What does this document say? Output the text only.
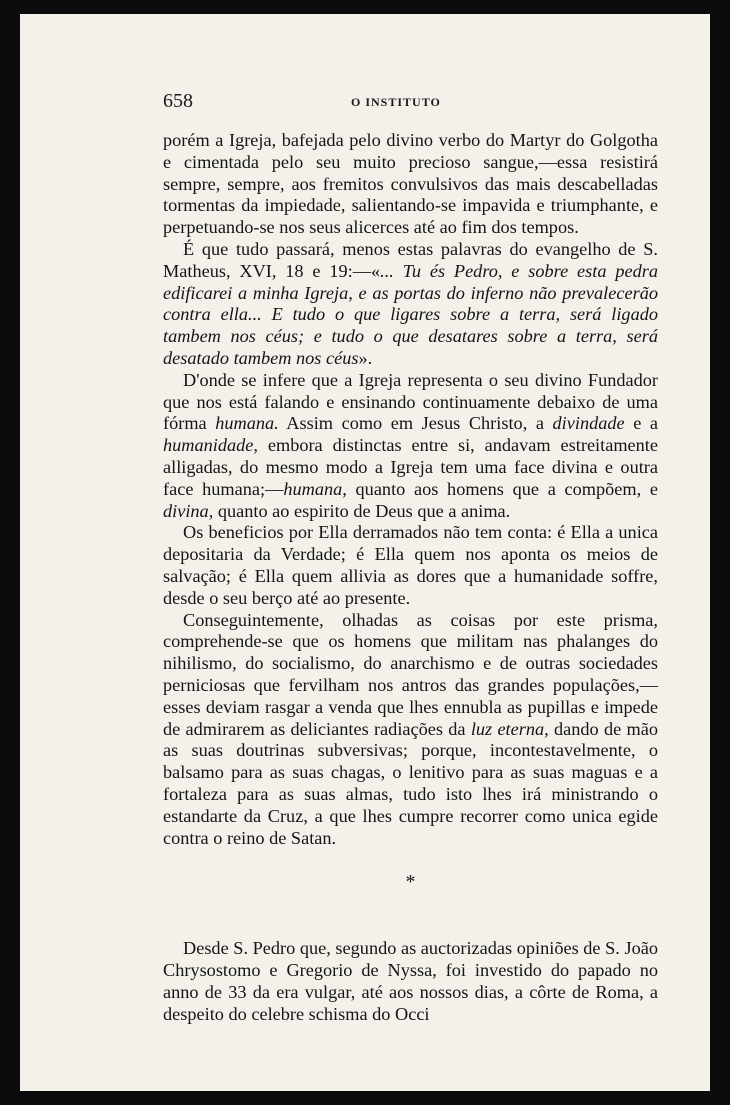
658	O INSTITUTO

porém a Igreja, bafejada pelo divino verbo do Martyr do Golgotha e cimentada pelo seu muito precioso sangue,—essa resistirá sempre, sempre, aos fremitos convulsivos das mais descabelladas tormentas da impiedade, salientando-se impavida e triumphante, e perpetuando-se nos seus alicerces até ao fim dos tempos.

É que tudo passará, menos estas palavras do evangelho de S. Matheus, XVI, 18 e 19:—«... Tu és Pedro, e sobre esta pedra edificarei a minha Igreja, e as portas do inferno não prevalecerão contra ella... E tudo o que ligares sobre a terra, será ligado tambem nos céus; e tudo o que desatares sobre a terra, será desatado tambem nos céus».

D'onde se infere que a Igreja representa o seu divino Fundador que nos está falando e ensinando continuamente debaixo de uma fórma humana. Assim como em Jesus Christo, a divindade e a humanidade, embora distinctas entre si, andavam estreitamente alligadas, do mesmo modo a Igreja tem uma face divina e outra face humana;—humana, quanto aos homens que a compõem, e divina, quanto ao espirito de Deus que a anima.

Os beneficios por Ella derramados não tem conta: é Ella a unica depositaria da Verdade; é Ella quem nos aponta os meios de salvação; é Ella quem allivia as dores que a humanidade soffre, desde o seu berço até ao presente.

Conseguintemente, olhadas as coisas por este prisma, comprehende-se que os homens que militam nas phalanges do nihilismo, do socialismo, do anarchismo e de outras sociedades perniciosas que fervilham nos antros das grandes populações,—esses deviam rasgar a venda que lhes ennubla as pupillas e impede de admirarem as deliciantes radiações da luz eterna, dando de mão as suas doutrinas subversivas; porque, incontestavelmente, o balsamo para as suas chagas, o lenitivo para as suas maguas e a fortaleza para as suas almas, tudo isto lhes irá ministrando o estandarte da Cruz, a que lhes cumpre recorrer como unica egide contra o reino de Satan.

*

Desde S. Pedro que, segundo as auctorizadas opiniões de S. João Chrysostomo e Gregorio de Nyssa, foi investido do papado no anno de 33 da era vulgar, até aos nossos dias, a côrte de Roma, a despeito do celebre schisma do Occi
